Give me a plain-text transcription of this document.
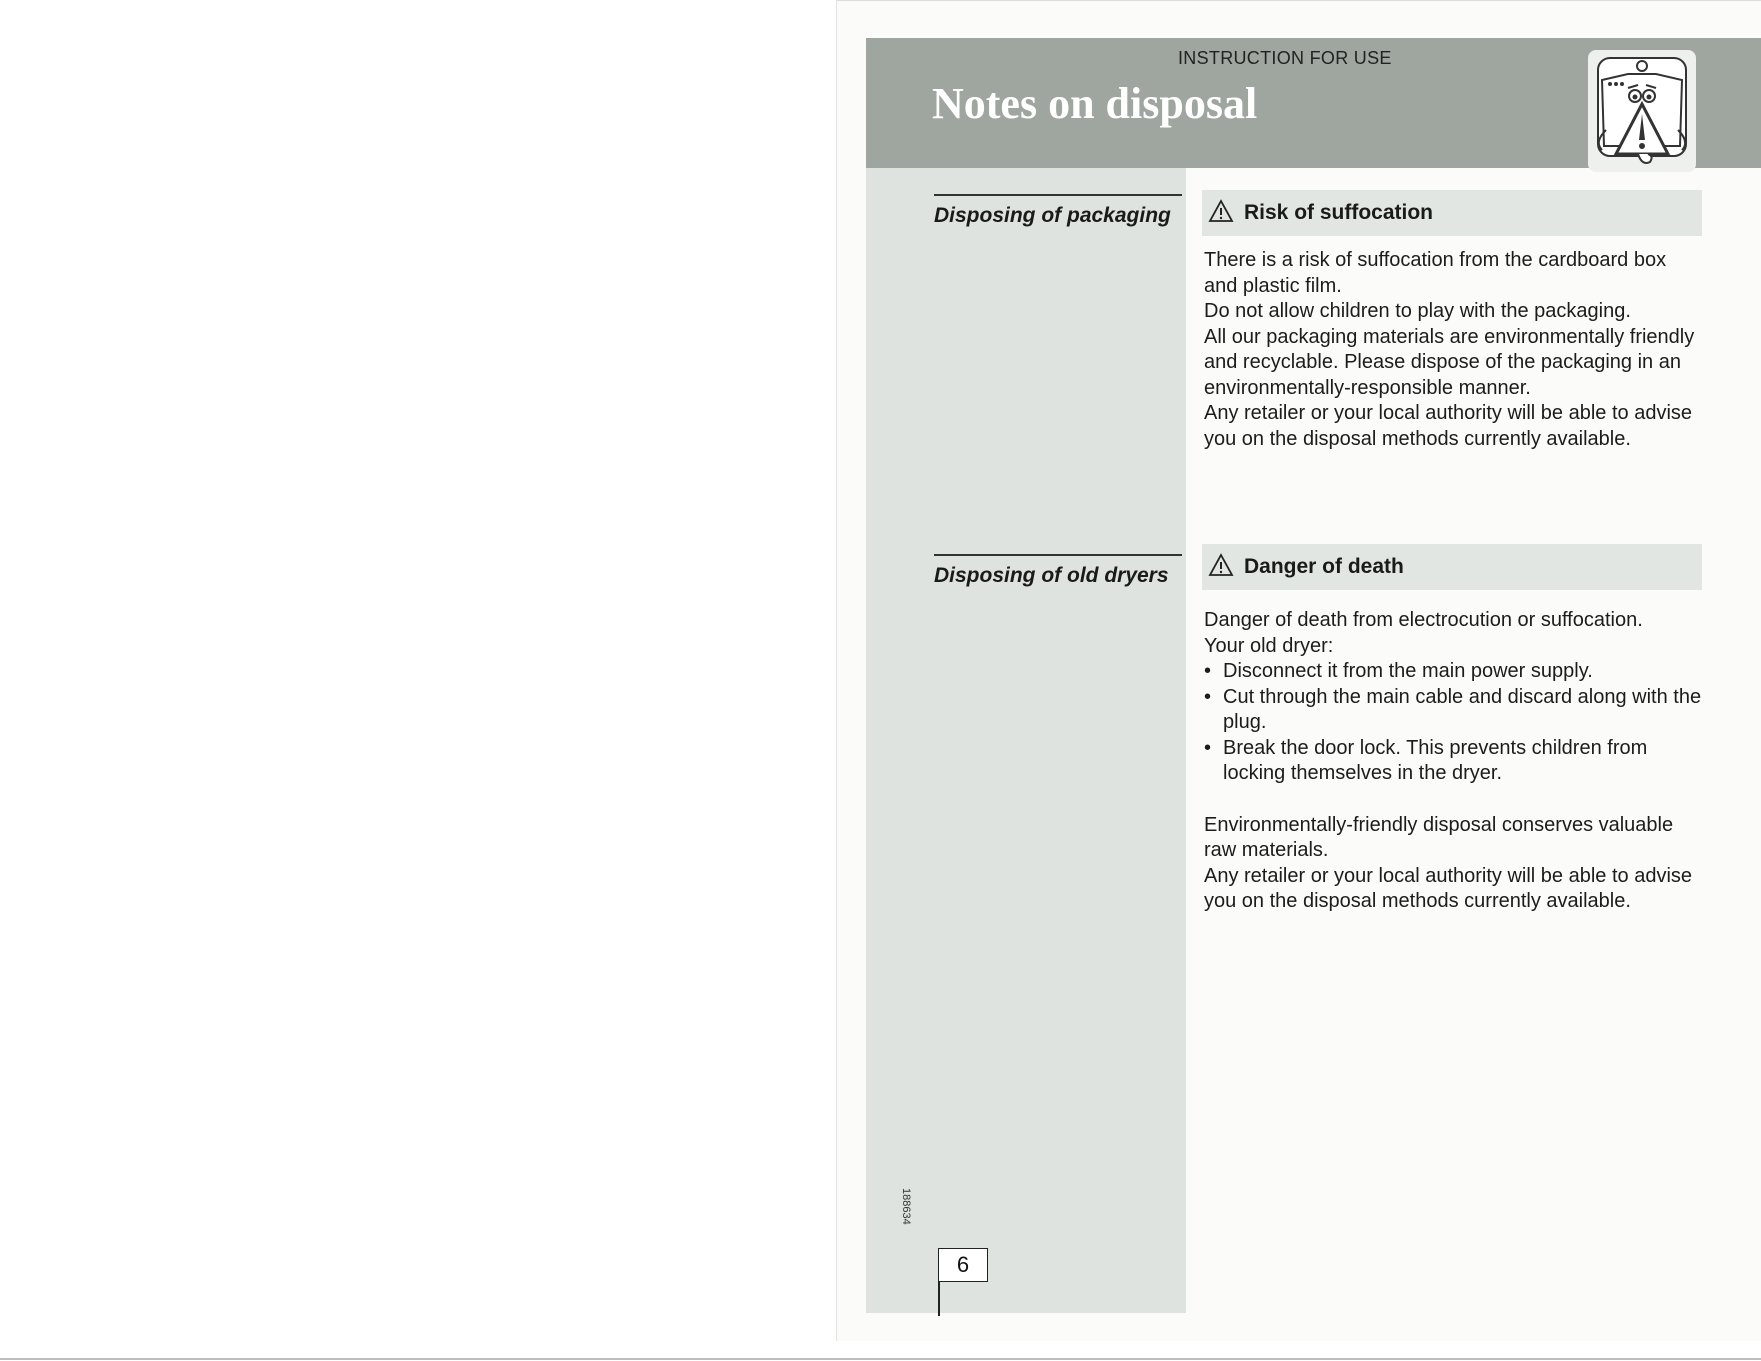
INSTRUCTION FOR USE
Notes on disposal
Disposing of packaging	Risk of suffocation

There is a risk of suffocation from the cardboard box and plastic film.

Do not allow children to play with the packaging.

All our packaging materials are environmentally friendly and recyclable. Please dispose of the packaging in an environmentally-responsible manner.

Any retailer or your local authority will be able to advise you on the disposal methods currently available.

Disposing of old dryers	Danger of death

Danger of death from electrocution or suffocation.

Your old dryer:

• Disconnect it from the main power supply.
• Cut through the main cable and discard along with the plug.
• Break the door lock. This prevents children from locking themselves in the dryer.

Environmentally-friendly disposal conserves valuable raw materials.

Any retailer or your local authority will be able to advise you on the disposal methods currently available.

188634
6
